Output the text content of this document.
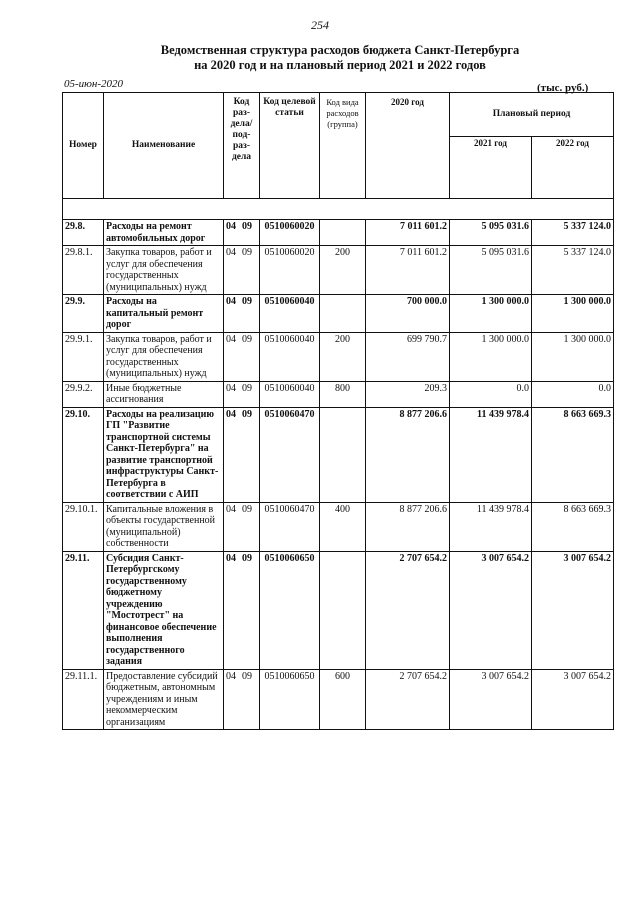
254
Ведомственная структура расходов бюджета Санкт-Петербурга
на 2020 год и на плановый период 2021 и 2022 годов
05-июн-2020	(тыс. руб.)
Номер	Наименование	Код раз-дела/ под-раз-дела	Код целевой статьи	Код вида расходов (группа)	2020 год	Плановый период	
						2021 год	2022 год

29.8.	Расходы на ремонт автомобильных дорог	04 09	0510060020		7 011 601.2	5 095 031.6	5 337 124.0
29.8.1.	Закупка товаров, работ и услуг для обеспечения государственных (муниципальных) нужд	04 09	0510060020	200	7 011 601.2	5 095 031.6	5 337 124.0
29.9.	Расходы на капитальный ремонт дорог	04 09	0510060040		700 000.0	1 300 000.0	1 300 000.0
29.9.1.	Закупка товаров, работ и услуг для обеспечения государственных (муниципальных) нужд	04 09	0510060040	200	699 790.7	1 300 000.0	1 300 000.0
29.9.2.	Иные бюджетные ассигнования	04 09	0510060040	800	209.3	0.0	0.0
29.10.	Расходы на реализацию ГП "Развитие транспортной системы Санкт-Петербурга" на развитие транспортной инфраструктуры Санкт-Петербурга в соответствии с АИП	04 09	0510060470		8 877 206.6	11 439 978.4	8 663 669.3
29.10.1.	Капитальные вложения в объекты государственной (муниципальной) собственности	04 09	0510060470	400	8 877 206.6	11 439 978.4	8 663 669.3
29.11.	Субсидия Санкт-Петербургскому государственному бюджетному учреждению "Мостотрест" на финансовое обеспечение выполнения государственного задания	04 09	0510060650		2 707 654.2	3 007 654.2	3 007 654.2
29.11.1.	Предоставление субсидий бюджетным, автономным учреждениям и иным некоммерческим организациям	04 09	0510060650	600	2 707 654.2	3 007 654.2	3 007 654.2
